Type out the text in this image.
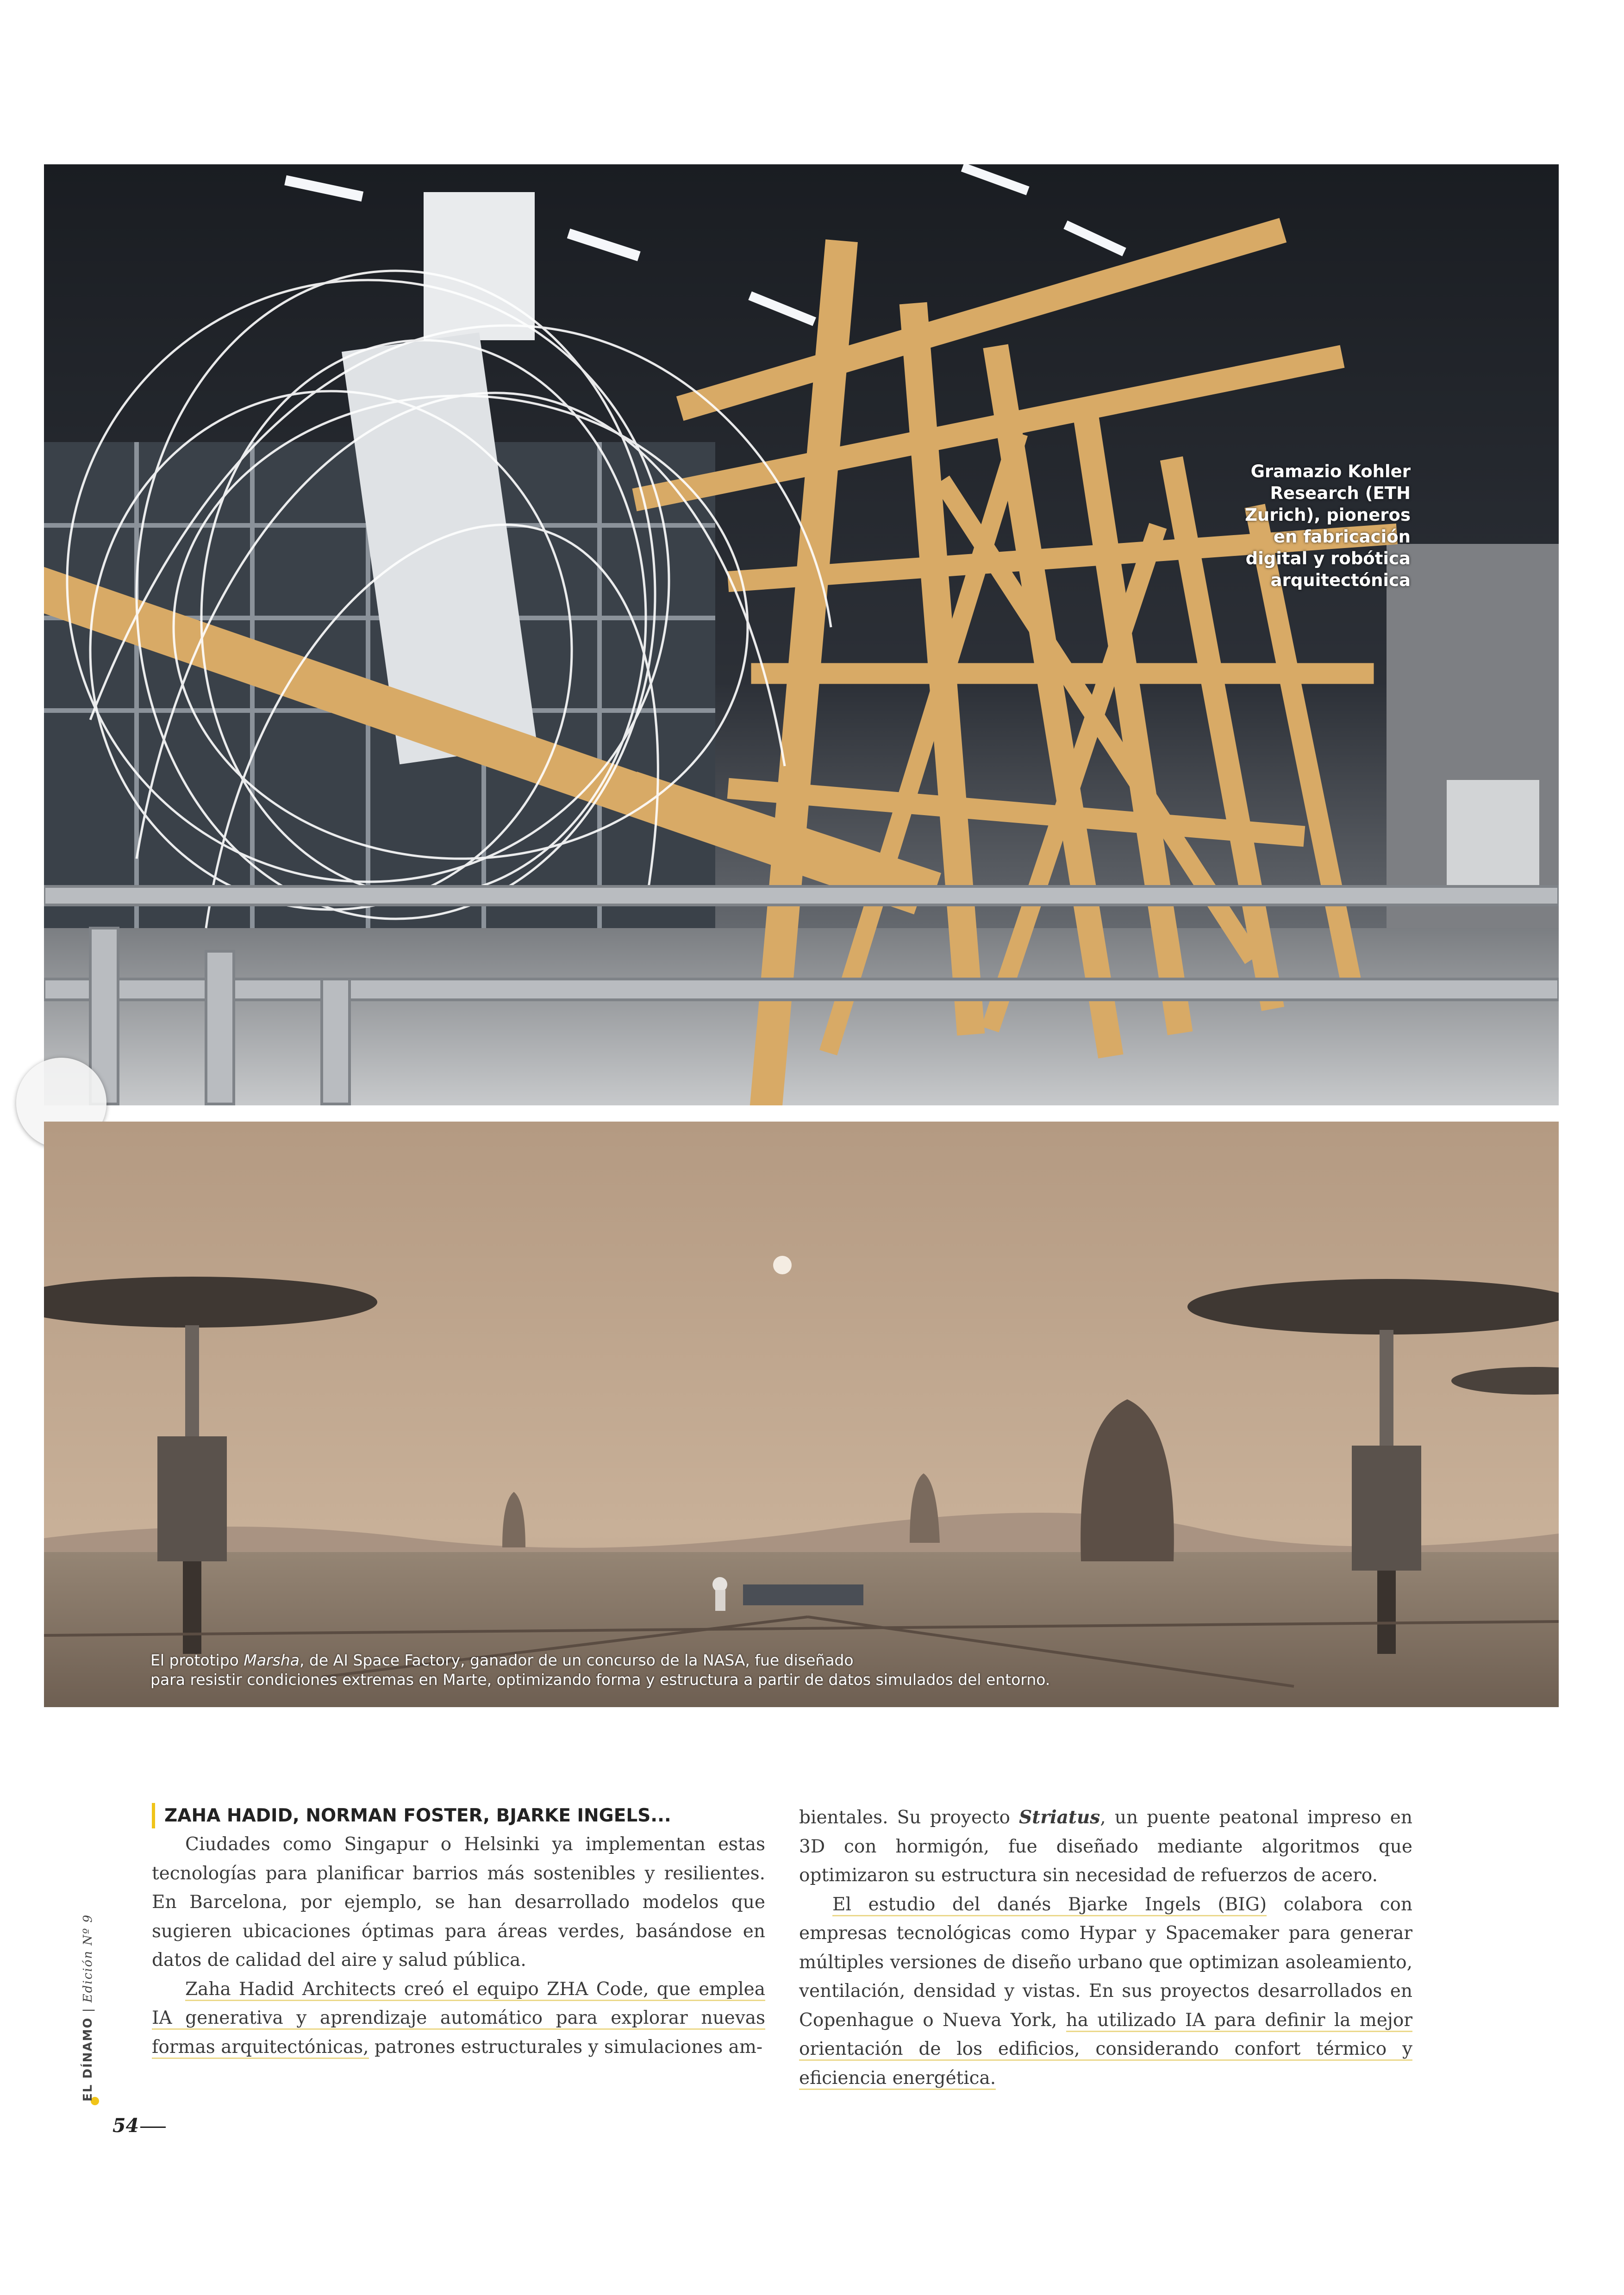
Gramazio Kohler Research (ETH Zurich), pioneros en fabricación digital y robótica arquitectónica
El prototipo Marsha, de AI Space Factory, ganador de un concurso de la NASA, fue diseñado
para resistir condiciones extremas en Marte, optimizando forma y estructura a partir de datos simulados del entorno.
ZAHA HADID, NORMAN FOSTER, BJARKE INGELS...

Ciudades como Singapur o Helsinki ya implementan estas tecnologías para planificar barrios más sostenibles y resilientes. En Barcelona, por ejemplo, se han desarrollado modelos que sugieren ubicaciones óptimas para áreas verdes, basándose en datos de calidad del aire y salud pública.

Zaha Hadid Architects creó el equipo ZHA Code, que emplea IA generativa y aprendizaje automático para explorar nuevas formas arquitectónicas, patrones estructurales y simulaciones am-

bientales. Su proyecto Striatus, un puente peatonal impreso en 3D con hormigón, fue diseñado mediante algoritmos que optimizaron su estructura sin necesidad de refuerzos de acero.

El estudio del danés Bjarke Ingels (BIG) colabora con empresas tecnológicas como Hypar y Spacemaker para generar múltiples versiones de diseño urbano que optimizan asoleamiento, ventilación, densidad y vistas. En sus proyectos desarrollados en Copenhague o Nueva York, ha utilizado IA para definir la mejor orientación de los edificios, considerando confort térmico y eficiencia energética.

EL DÍNAMO | Edición Nº 9
54
